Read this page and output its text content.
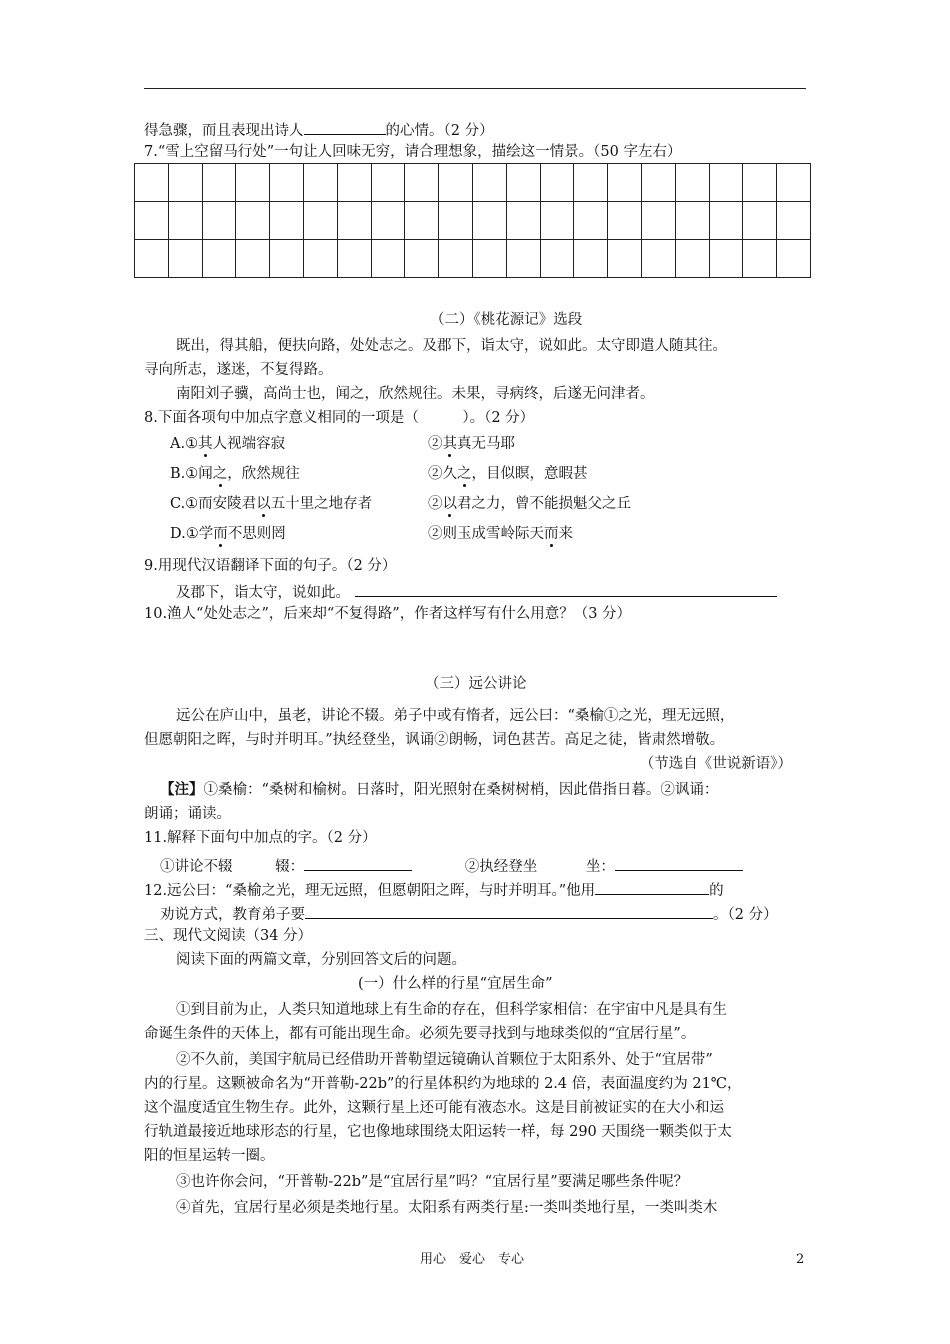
得急骤，而且表现出诗人	的心情。（2 分）
7.“雪上空留马行处”一句让人回味无穷，请合理想象，描绘这一情景。（50 字左右）

（二）《桃花源记》选段
既出，得其船，便扶向路，处处志之。及郡下，诣太守，说如此。太守即遣人随其往。
寻向所志，遂迷，不复得路。
南阳刘子骥，高尚士也，闻之，欣然规往。未果，寻病终，后遂无问津者。
8.下面各项句中加点字意义相同的一项是（　　　）。（2 分）
A.①其人视端容寂	②其真无马耶
B.①闻之，欣然规往	②久之，目似瞑，意暇甚
C.①而安陵君以五十里之地存者	②以君之力，曾不能损魁父之丘
D.①学而不思则罔	②则玉成雪岭际天而来
9.用现代汉语翻译下面的句子。（2 分）
及郡下，诣太守，说如此。
10.渔人“处处志之”，后来却“不复得路”，作者这样写有什么用意？（3 分）
（三）远公讲论
远公在庐山中，虽老，讲论不辍。弟子中或有惰者，远公曰：“桑榆①之光，理无远照，
但愿朝阳之晖，与时并明耳。”执经登坐，讽诵②朗畅，词色甚苦。高足之徒，皆肃然增敬。
（节选自《世说新语》）
【注】①桑榆：“桑树和榆树。日落时，阳光照射在桑树树梢，因此借指日暮。②讽诵：
朗诵；诵读。
11.解释下面句中加点的字。（2 分）
①讲论不辍	辍：	②执经登坐	坐：
12.远公曰：“桑榆之光，理无远照，但愿朝阳之晖，与时并明耳。”他用	的
劝说方式，教育弟子要	。（2 分）
三、现代文阅读（34 分）
阅读下面的两篇文章，分别回答文后的问题。
(一）什么样的行星“宜居生命”
①到目前为止，人类只知道地球上有生命的存在，但科学家相信：在宇宙中凡是具有生
命诞生条件的天体上，都有可能出现生命。必须先要寻找到与地球类似的“宜居行星”。
②不久前，美国宇航局已经借助开普勒望远镜确认首颗位于太阳系外、处于“宜居带”
内的行星。这颗被命名为“开普勒-22b”的行星体积约为地球的 2.4 倍，表面温度约为 21℃，
这个温度适宜生物生存。此外，这颗行星上还可能有液态水。这是目前被证实的在大小和运
行轨道最接近地球形态的行星，它也像地球围绕太阳运转一样，每 290 天围绕一颗类似于太
阳的恒星运转一圈。
③也许你会问，“开普勒-22b”是“宜居行星”吗？“宜居行星”要满足哪些条件呢？
④首先，宜居行星必须是类地行星。太阳系有两类行星:一类叫类地行星，一类叫类木
用心　爱心　专心	2
